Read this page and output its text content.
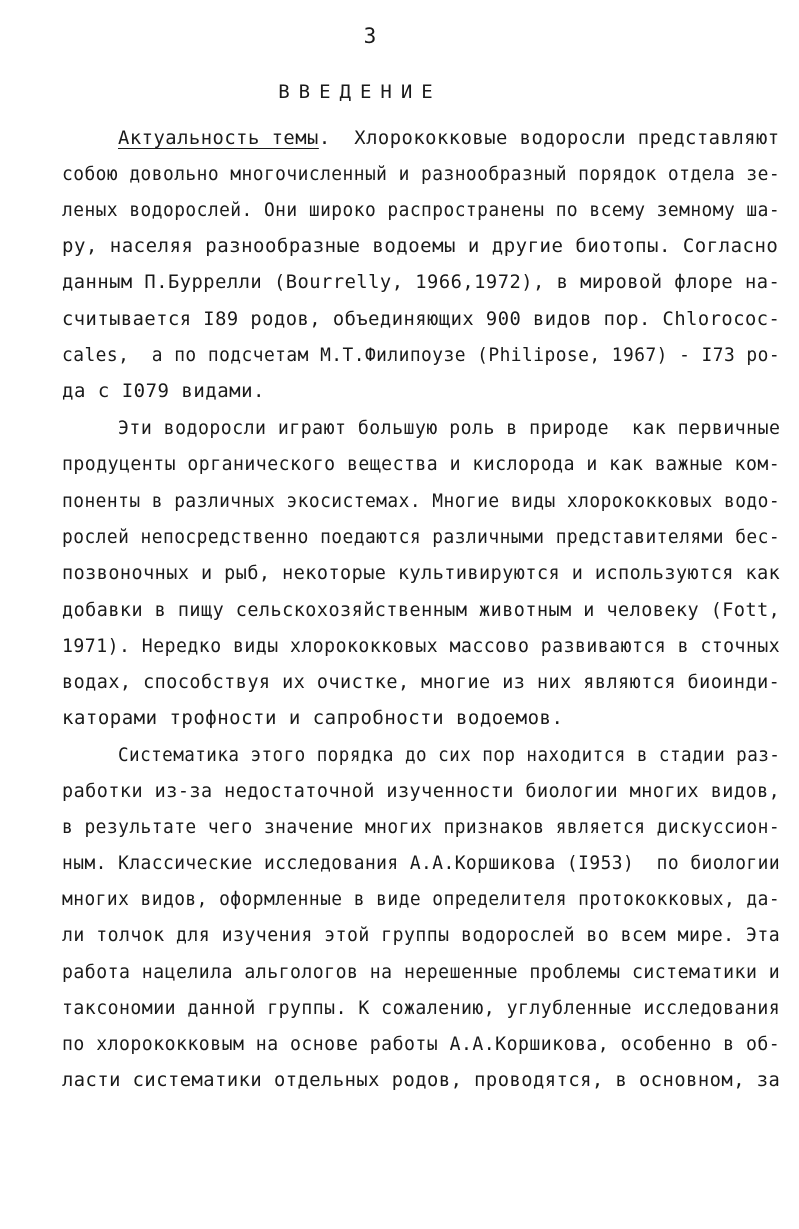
3
ВВЕДЕНИЕ
Актуальность темы.  Хлорококковые водоросли представляют
собою довольно многочисленный и разнообразный порядок отдела зе-
леных водорослей. Они широко распространены по всему земному ша-
ру, населяя разнообразные водоемы и другие биотопы. Согласно
данным П.Буррелли (Bourrelly, 1966,1972), в мировой флоре на-
считывается I89 родов, объединяющих 900 видов пор. Chlorococ-
cales,  а по подсчетам М.Т.Филипоузе (Philipose, 1967) - I73 ро-
да с I079 видами.
Эти водоросли играют большую роль в природе  как первичные
продуценты органического вещества и кислорода и как важные ком-
поненты в различных экосистемах. Многие виды хлорококковых водо-
рослей непосредственно поедаются различными представителями бес-
позвоночных и рыб, некоторые культивируются и используются как
добавки в пищу сельскохозяйственным животным и человеку (Fott,
1971). Нередко виды хлорококковых массово развиваются в сточных
водах, способствуя их очистке, многие из них являются биоинди-
каторами трофности и сапробности водоемов.
Систематика этого порядка до сих пор находится в стадии раз-
работки из-за недостаточной изученности биологии многих видов,
в результате чего значение многих признаков является дискуссион-
ным. Классические исследования А.А.Коршикова (I953)  по биологии
многих видов, оформленные в виде определителя протококковых, да-
ли толчок для изучения этой группы водорослей во всем мире. Эта
работа нацелила альгологов на нерешенные проблемы систематики и
таксономии данной группы. К сожалению, углубленные исследования
по хлорококковым на основе работы А.А.Коршикова, особенно в об-
ласти систематики отдельных родов, проводятся, в основном, за
